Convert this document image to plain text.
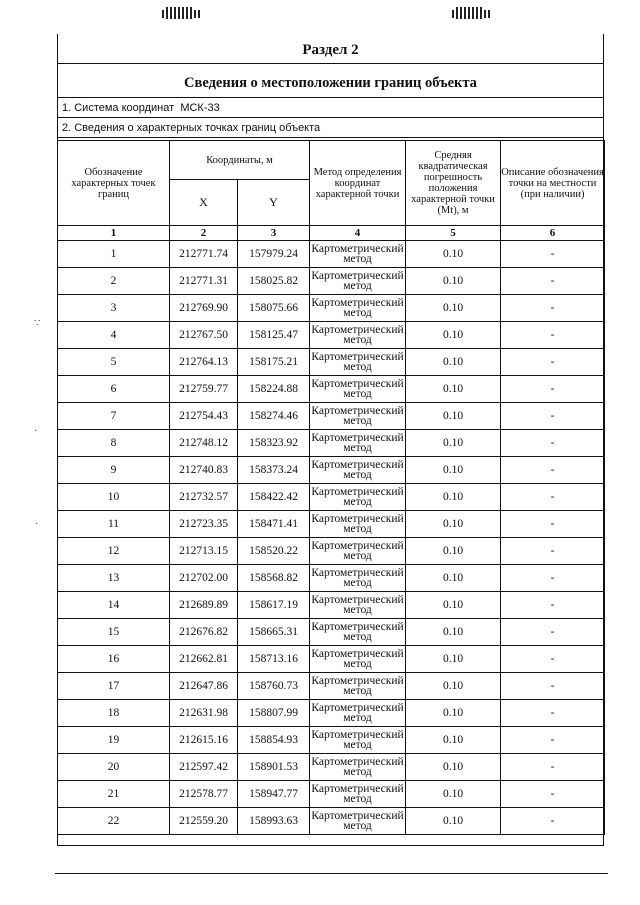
∵
·
˙
Раздел 2
Сведения о местоположении границ объекта
1. Система координат МСК-33
2. Сведения о характерных точках границ объекта
Обозначение характерных точек границ	Координаты, м		Метод определения координат характерной точки	Средняя квадратическая погрешность положения характерной точки (Mt), м	Описание обозначения точки на местности (при наличии)
	X	Y			
1	2	3	4	5	6
1	212771.74	157979.24	Картометрический метод	0.10	-
2	212771.31	158025.82	Картометрический метод	0.10	-
3	212769.90	158075.66	Картометрический метод	0.10	-
4	212767.50	158125.47	Картометрический метод	0.10	-
5	212764.13	158175.21	Картометрический метод	0.10	-
6	212759.77	158224.88	Картометрический метод	0.10	-
7	212754.43	158274.46	Картометрический метод	0.10	-
8	212748.12	158323.92	Картометрический метод	0.10	-
9	212740.83	158373.24	Картометрический метод	0.10	-
10	212732.57	158422.42	Картометрический метод	0.10	-
11	212723.35	158471.41	Картометрический метод	0.10	-
12	212713.15	158520.22	Картометрический метод	0.10	-
13	212702.00	158568.82	Картометрический метод	0.10	-
14	212689.89	158617.19	Картометрический метод	0.10	-
15	212676.82	158665.31	Картометрический метод	0.10	-
16	212662.81	158713.16	Картометрический метод	0.10	-
17	212647.86	158760.73	Картометрический метод	0.10	-
18	212631.98	158807.99	Картометрический метод	0.10	-
19	212615.16	158854.93	Картометрический метод	0.10	-
20	212597.42	158901.53	Картометрический метод	0.10	-
21	212578.77	158947.77	Картометрический метод	0.10	-
22	212559.20	158993.63	Картометрический метод	0.10	-
